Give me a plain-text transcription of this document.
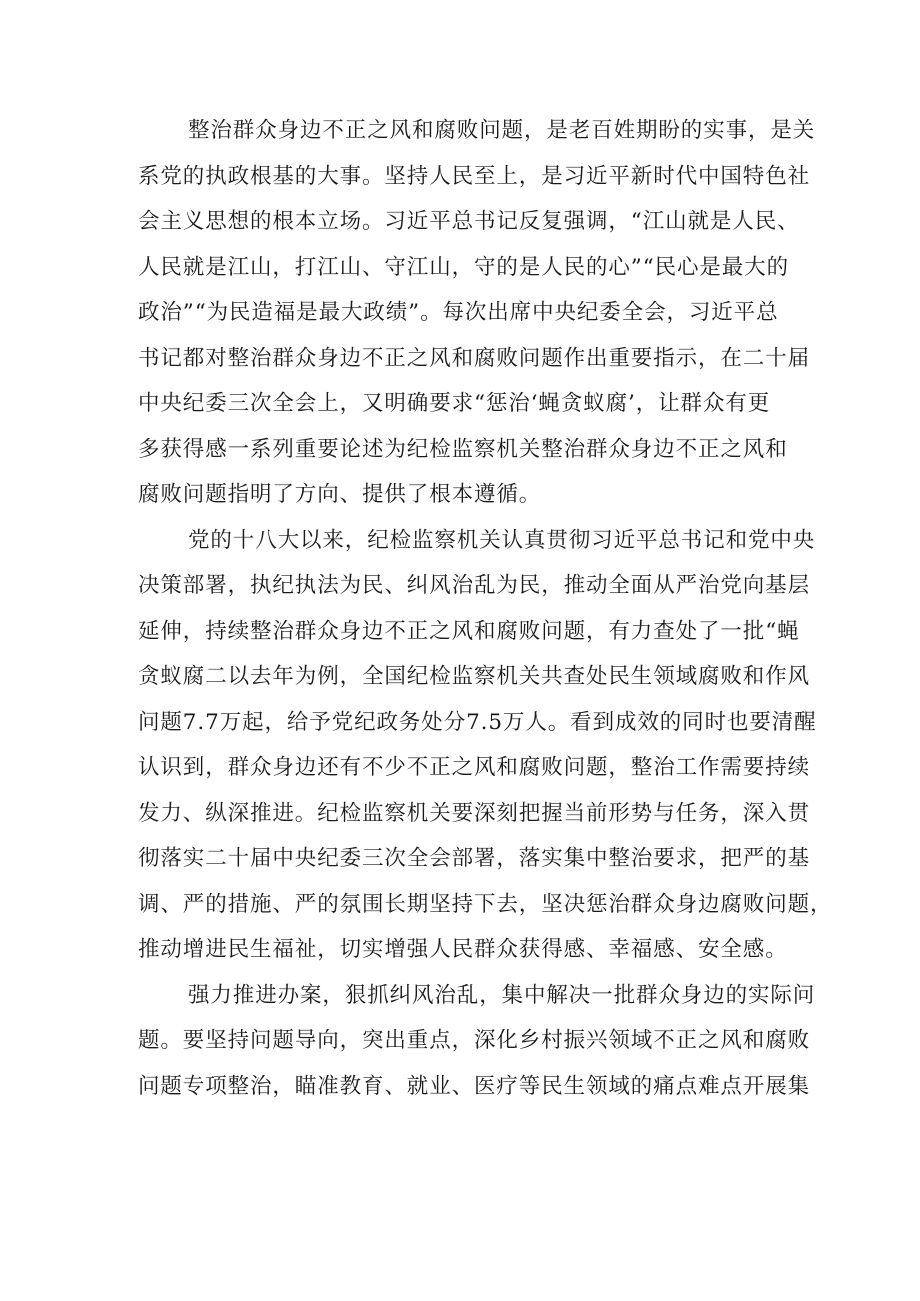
整治群众身边不正之风和腐败问题，是老百姓期盼的实事，是关
系党的执政根基的大事。坚持人民至上，是习近平新时代中国特色社
会主义思想的根本立场。习近平总书记反复强调，“江山就是人民、
人民就是江山，打江山、守江山，守的是人民的心”“民心是最大的
政治”“为民造福是最大政绩”。每次出席中央纪委全会，习近平总
书记都对整治群众身边不正之风和腐败问题作出重要指示，在二十届
中央纪委三次全会上，又明确要求“惩治‘蝇贪蚁腐’，让群众有更
多获得感一系列重要论述为纪检监察机关整治群众身边不正之风和
腐败问题指明了方向、提供了根本遵循。

党的十八大以来，纪检监察机关认真贯彻习近平总书记和党中央
决策部署，执纪执法为民、纠风治乱为民，推动全面从严治党向基层
延伸，持续整治群众身边不正之风和腐败问题，有力查处了一批“蝇
贪蚁腐二以去年为例，全国纪检监察机关共查处民生领域腐败和作风
问题7.7万起，给予党纪政务处分7.5万人。看到成效的同时也要清醒
认识到，群众身边还有不少不正之风和腐败问题，整治工作需要持续
发力、纵深推进。纪检监察机关要深刻把握当前形势与任务，深入贯
彻落实二十届中央纪委三次全会部署，落实集中整治要求，把严的基
调、严的措施、严的氛围长期坚持下去，坚决惩治群众身边腐败问题，
推动增进民生福祉，切实增强人民群众获得感、幸福感、安全感。

强力推进办案，狠抓纠风治乱，集中解决一批群众身边的实际问
题。要坚持问题导向，突出重点，深化乡村振兴领域不正之风和腐败
问题专项整治，瞄准教育、就业、医疗等民生领域的痛点难点开展集
